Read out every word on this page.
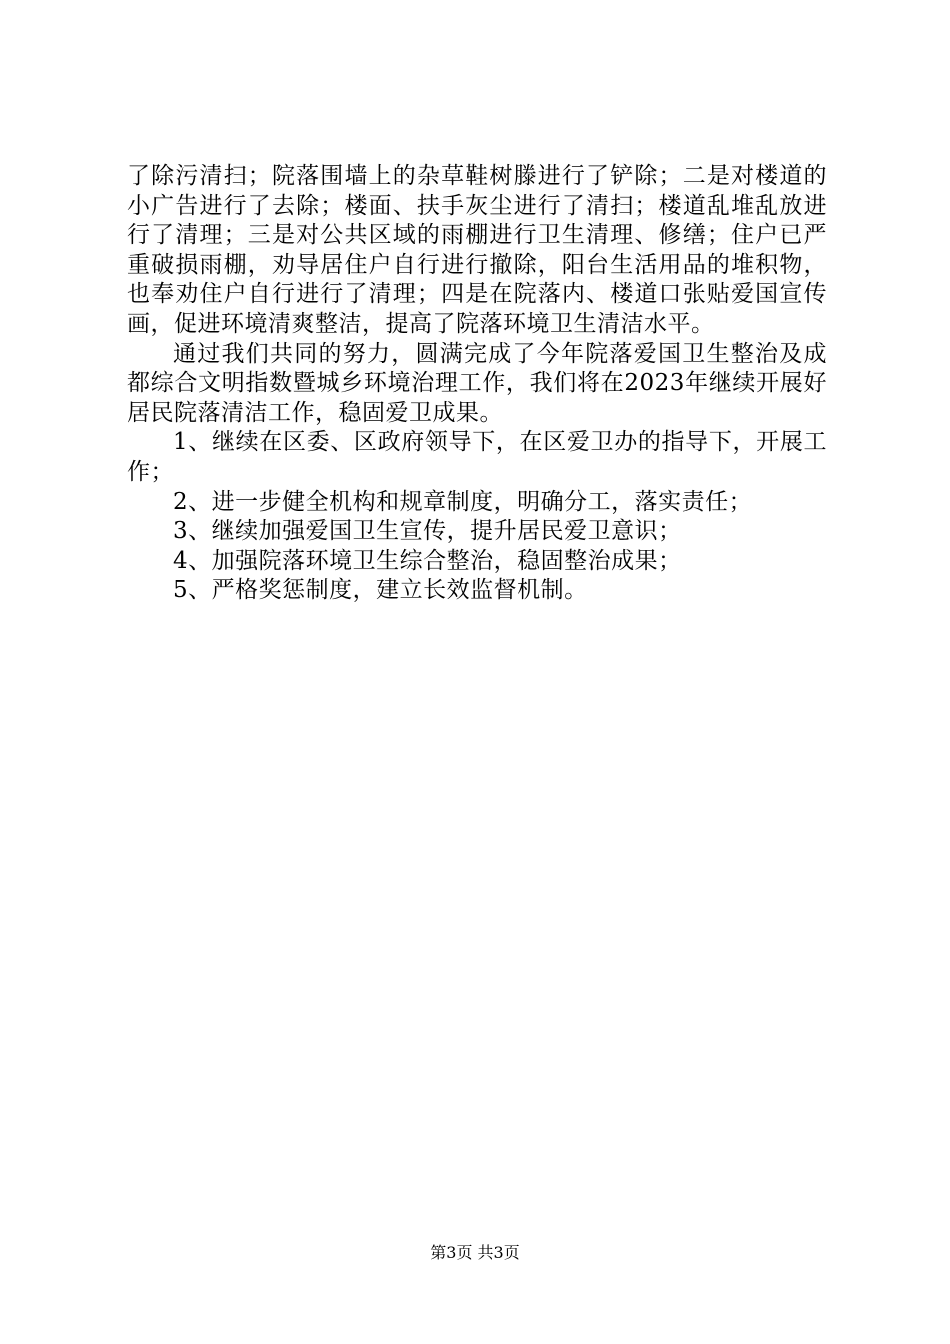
了除污清扫；院落围墙上的杂草鞋树滕进行了铲除；二是对楼道的小广告进行了去除；楼面、扶手灰尘进行了清扫；楼道乱堆乱放进行了清理；三是对公共区域的雨棚进行卫生清理、修缮；住户已严重破损雨棚，劝导居住户自行进行撤除，阳台生活用品的堆积物，也奉劝住户自行进行了清理；四是在院落内、楼道口张贴爱国宣传画，促进环境清爽整洁，提高了院落环境卫生清洁水平。

通过我们共同的努力，圆满完成了今年院落爱国卫生整治及成都综合文明指数暨城乡环境治理工作，我们将在2023年继续开展好居民院落清洁工作，稳固爱卫成果。

1、继续在区委、区政府领导下，在区爱卫办的指导下，开展工作；

2、进一步健全机构和规章制度，明确分工，落实责任；

3、继续加强爱国卫生宣传，提升居民爱卫意识；

4、加强院落环境卫生综合整治，稳固整治成果；

5、严格奖惩制度，建立长效监督机制。

第3页 共3页
